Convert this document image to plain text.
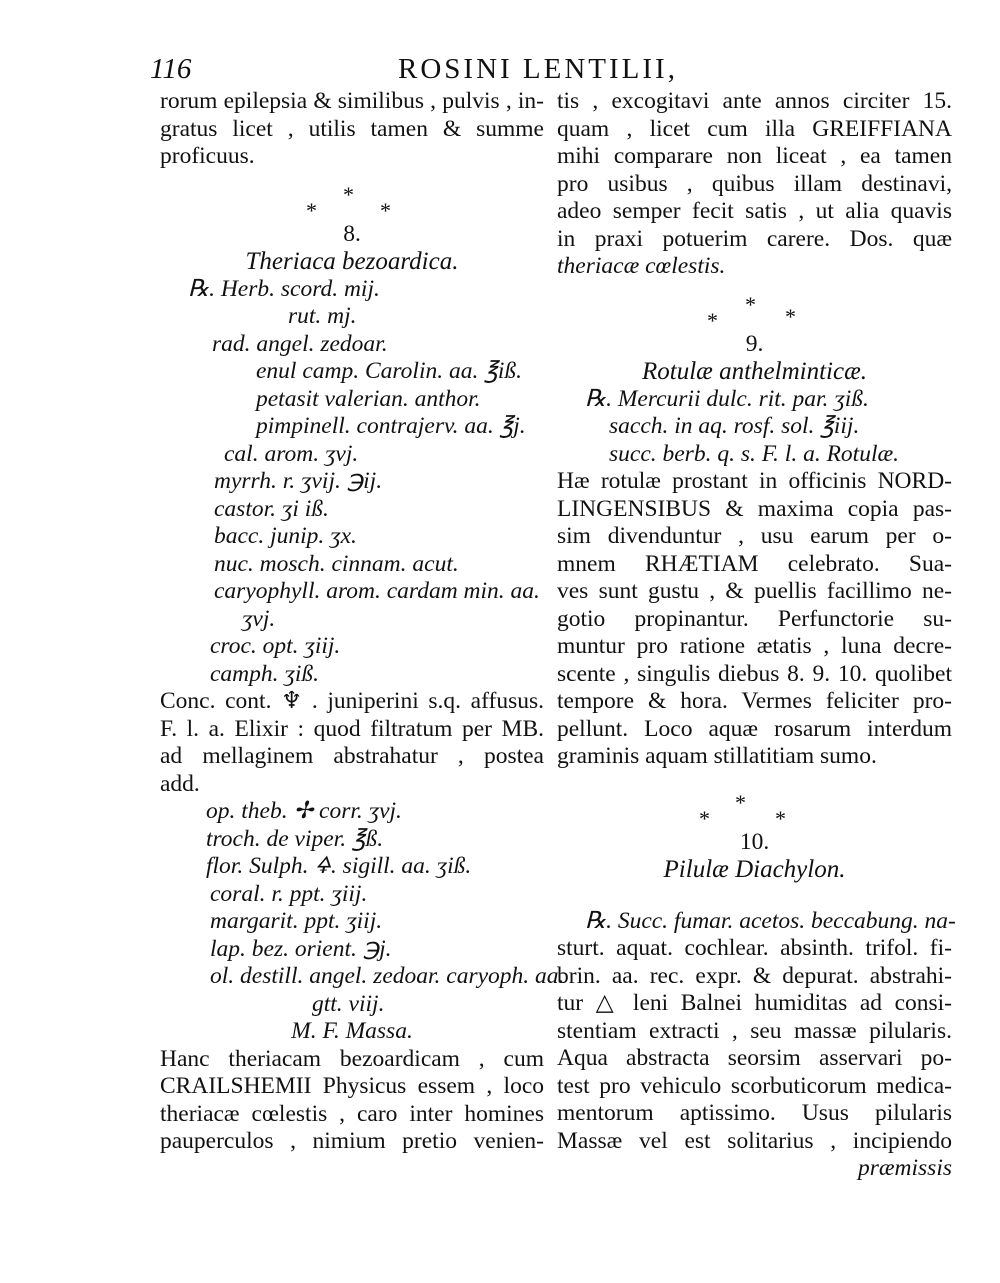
116	ROSINI LENTILII,
rorum epilepsia & similibus , pulvis , in-
gratus licet , utilis tamen & summe
proficuus.
*
*
*
8.
Theriaca bezoardica.
℞. Herb. scord. mij.
rut. mj.
rad. angel. zedoar.
enul camp. Carolin. aa. ℥iß.
petasit valerian. anthor.
pimpinell. contrajerv. aa. ℥j.
cal. arom. ʒvj.
myrrh. r. ʒvij. ℈ij.
castor. ʒi iß.
bacc. junip. ʒx.
nuc. mosch. cinnam. acut.
caryophyll. arom. cardam min. aa.
ʒvj.
croc. opt. ʒiij.
camph. ʒiß.
Conc. cont. ♆ . juniperini s.q. affusus.
F. l. a. Elixir : quod filtratum per MB.
ad mellaginem abstrahatur , postea
add.
op. theb. ✢ corr. ʒvj.
troch. de viper. ℥ß.
flor. Sulph. 🜍. sigill. aa. ʒiß.
coral. r. ppt. ʒiij.
margarit. ppt. ʒiij.
lap. bez. orient. ℈j.
ol. destill. angel. zedoar. caryoph. aa.
gtt. viij.
M. F. Massa.
Hanc theriacam bezoardicam , cum
CRAILSHEMII Physicus essem , loco
theriacæ cœlestis , caro inter homines
pauperculos , nimium pretio venien-
tis , excogitavi ante annos circiter 15.
quam , licet cum illa GREIFFIANA
mihi comparare non liceat , ea tamen
pro usibus , quibus illam destinavi,
adeo semper fecit satis , ut alia quavis
in praxi potuerim carere. Dos. quæ
theriacæ cœlestis.
*
* *
9.
Rotulæ anthelminticæ.
℞. Mercurii dulc. rit. par. ʒiß.
sacch. in aq. rosf. sol. ℥iij.
succ. berb. q. s. F. l. a. Rotulæ.
Hæ rotulæ prostant in officinis NORD-
LINGENSIBUS & maxima copia pas-
sim divenduntur , usu earum per o-
mnem RHÆTIAM celebrato. Sua-
ves sunt gustu , & puellis facillimo ne-
gotio propinantur. Perfunctorie su-
muntur pro ratione ætatis , luna decre-
scente , singulis diebus 8. 9. 10. quolibet
tempore & hora. Vermes feliciter pro-
pellunt. Loco aquæ rosarum interdum
graminis aquam stillatitiam sumo.
*
*
*
10.
Pilulæ Diachylon.
℞. Succ. fumar. acetos. beccabung. na-
sturt. aquat. cochlear. absinth. trifol. fi-
brin. aa. rec. expr. & depurat. abstrahi-
tur △ leni Balnei humiditas ad consi-
stentiam extracti , seu massæ pilularis.
Aqua abstracta seorsim asservari po-
test pro vehiculo scorbuticorum medica-
mentorum aptissimo. Usus pilularis
Massæ vel est solitarius , incipiendo
præmissis
